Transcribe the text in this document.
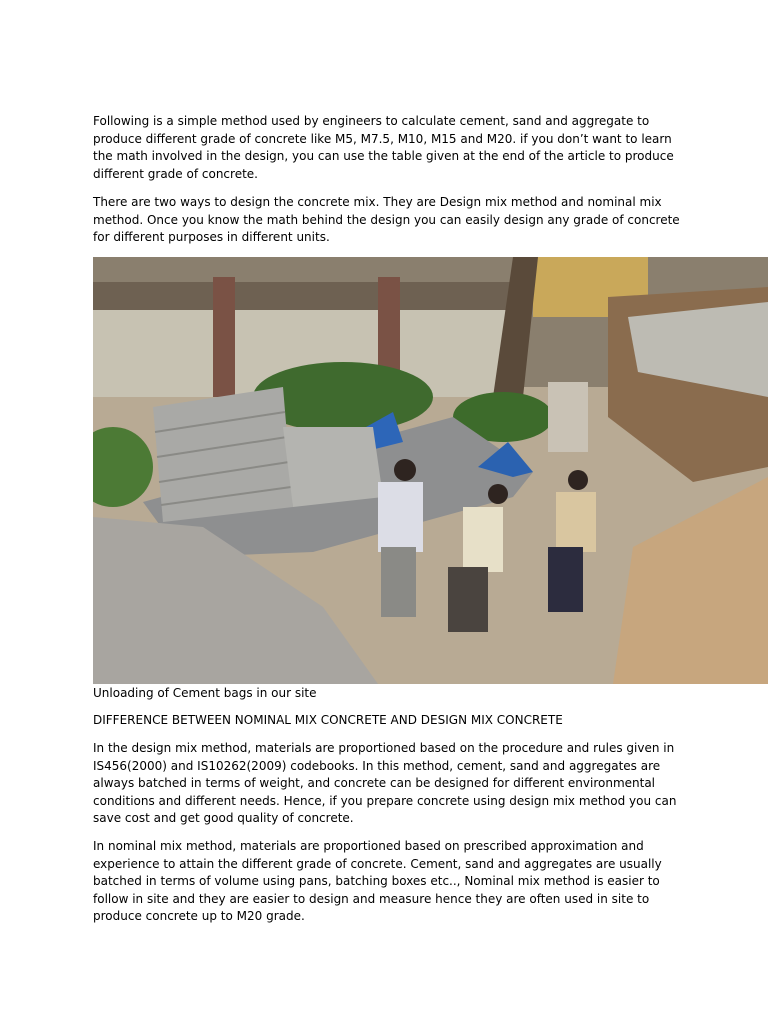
Following is a simple method used by engineers to calculate cement, sand and aggregate to produce different grade of concrete like M5, M7.5, M10, M15 and M20. if you don’t want to learn the math involved in the design, you can use the table given at the end of the article to produce different grade of concrete.

There are two ways to design the concrete mix. They are Design mix method and nominal mix method. Once you know the math behind the design you can easily design any grade of concrete for different purposes in different units.

Unloading of Cement bags in our site

DIFFERENCE BETWEEN NOMINAL MIX CONCRETE AND DESIGN MIX CONCRETE

In the design mix method, materials are proportioned based on the procedure and rules given in IS456(2000) and IS10262(2009) codebooks. In this method, cement, sand and aggregates are always batched in terms of weight, and concrete can be designed for different environmental conditions and different needs. Hence, if you prepare concrete using design mix method you can save cost and get good quality of concrete.

In nominal mix method, materials are proportioned based on prescribed approximation and experience to attain the different grade of concrete. Cement, sand and aggregates are usually batched in terms of volume using pans, batching boxes etc.., Nominal mix method is easier to follow in site and they are easier to design and measure hence they are often used in site to produce concrete up to M20 grade.
